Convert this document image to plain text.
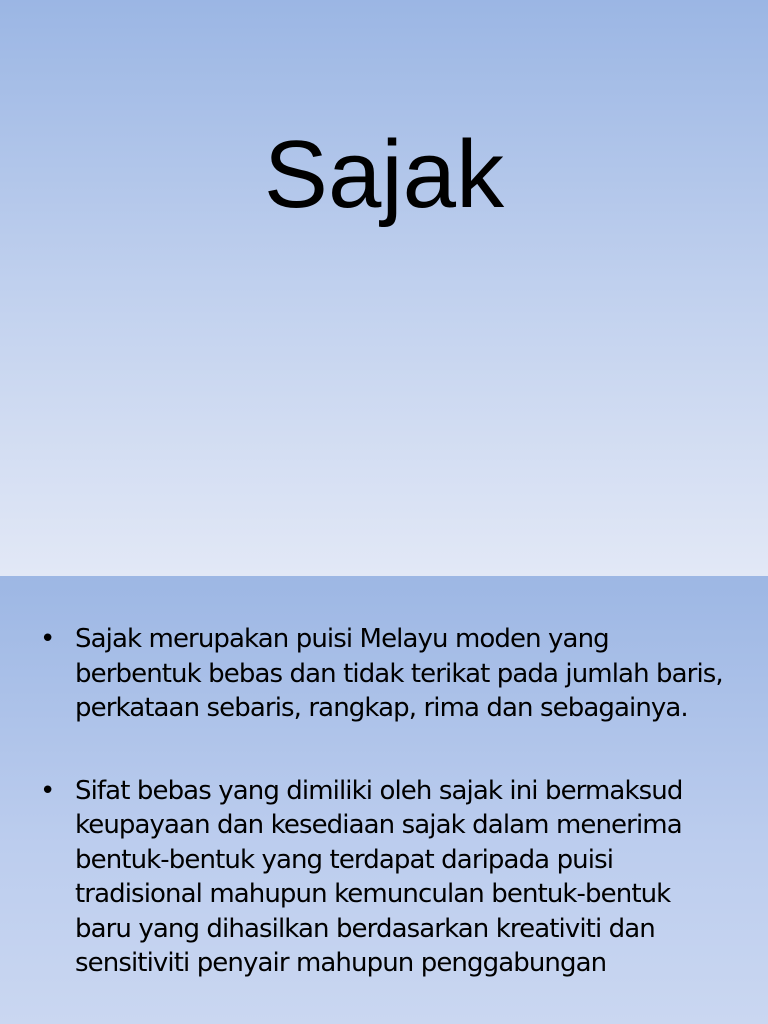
Sajak
• Sajak merupakan puisi Melayu moden yang berbentuk bebas dan tidak terikat pada jumlah baris, perkataan sebaris, rangkap, rima dan sebagainya.
• Sifat bebas yang dimiliki oleh sajak ini bermaksud keupayaan dan kesediaan sajak dalam menerima bentuk-bentuk yang terdapat daripada puisi tradisional mahupun kemunculan bentuk-bentuk baru yang dihasilkan berdasarkan kreativiti dan sensitiviti penyair mahupun penggabungan
